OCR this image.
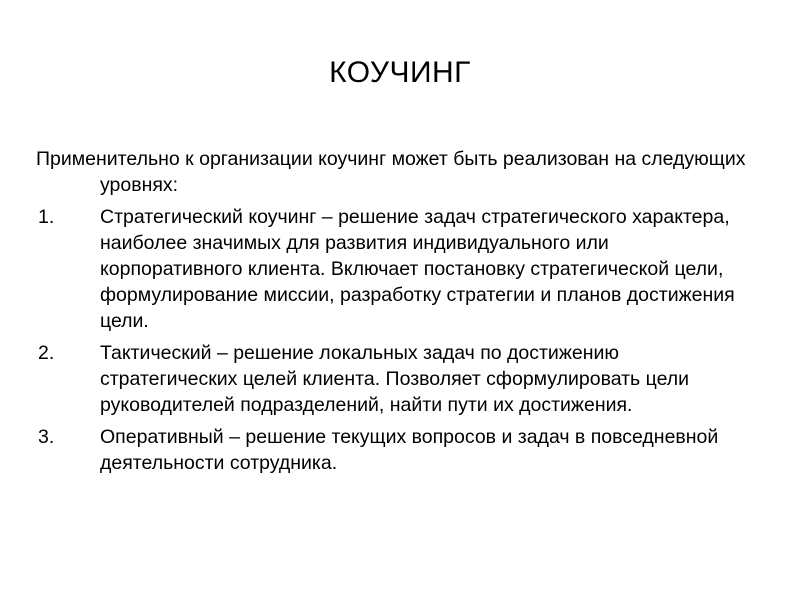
КОУЧИНГ

Применительно к организации коучинг может быть реализован на следующих уровнях:

1. Стратегический коучинг – решение задач стратегического характера, наиболее значимых для развития индивидуального или корпоративного клиента. Включает постановку стратегической цели, формулирование миссии, разработку стратегии и планов достижения цели.
2. Тактический – решение локальных задач по достижению стратегических целей клиента. Позволяет сформулировать цели руководителей подразделений, найти пути их достижения.
3. Оперативный – решение текущих вопросов и задач в повседневной деятельности сотрудника.
